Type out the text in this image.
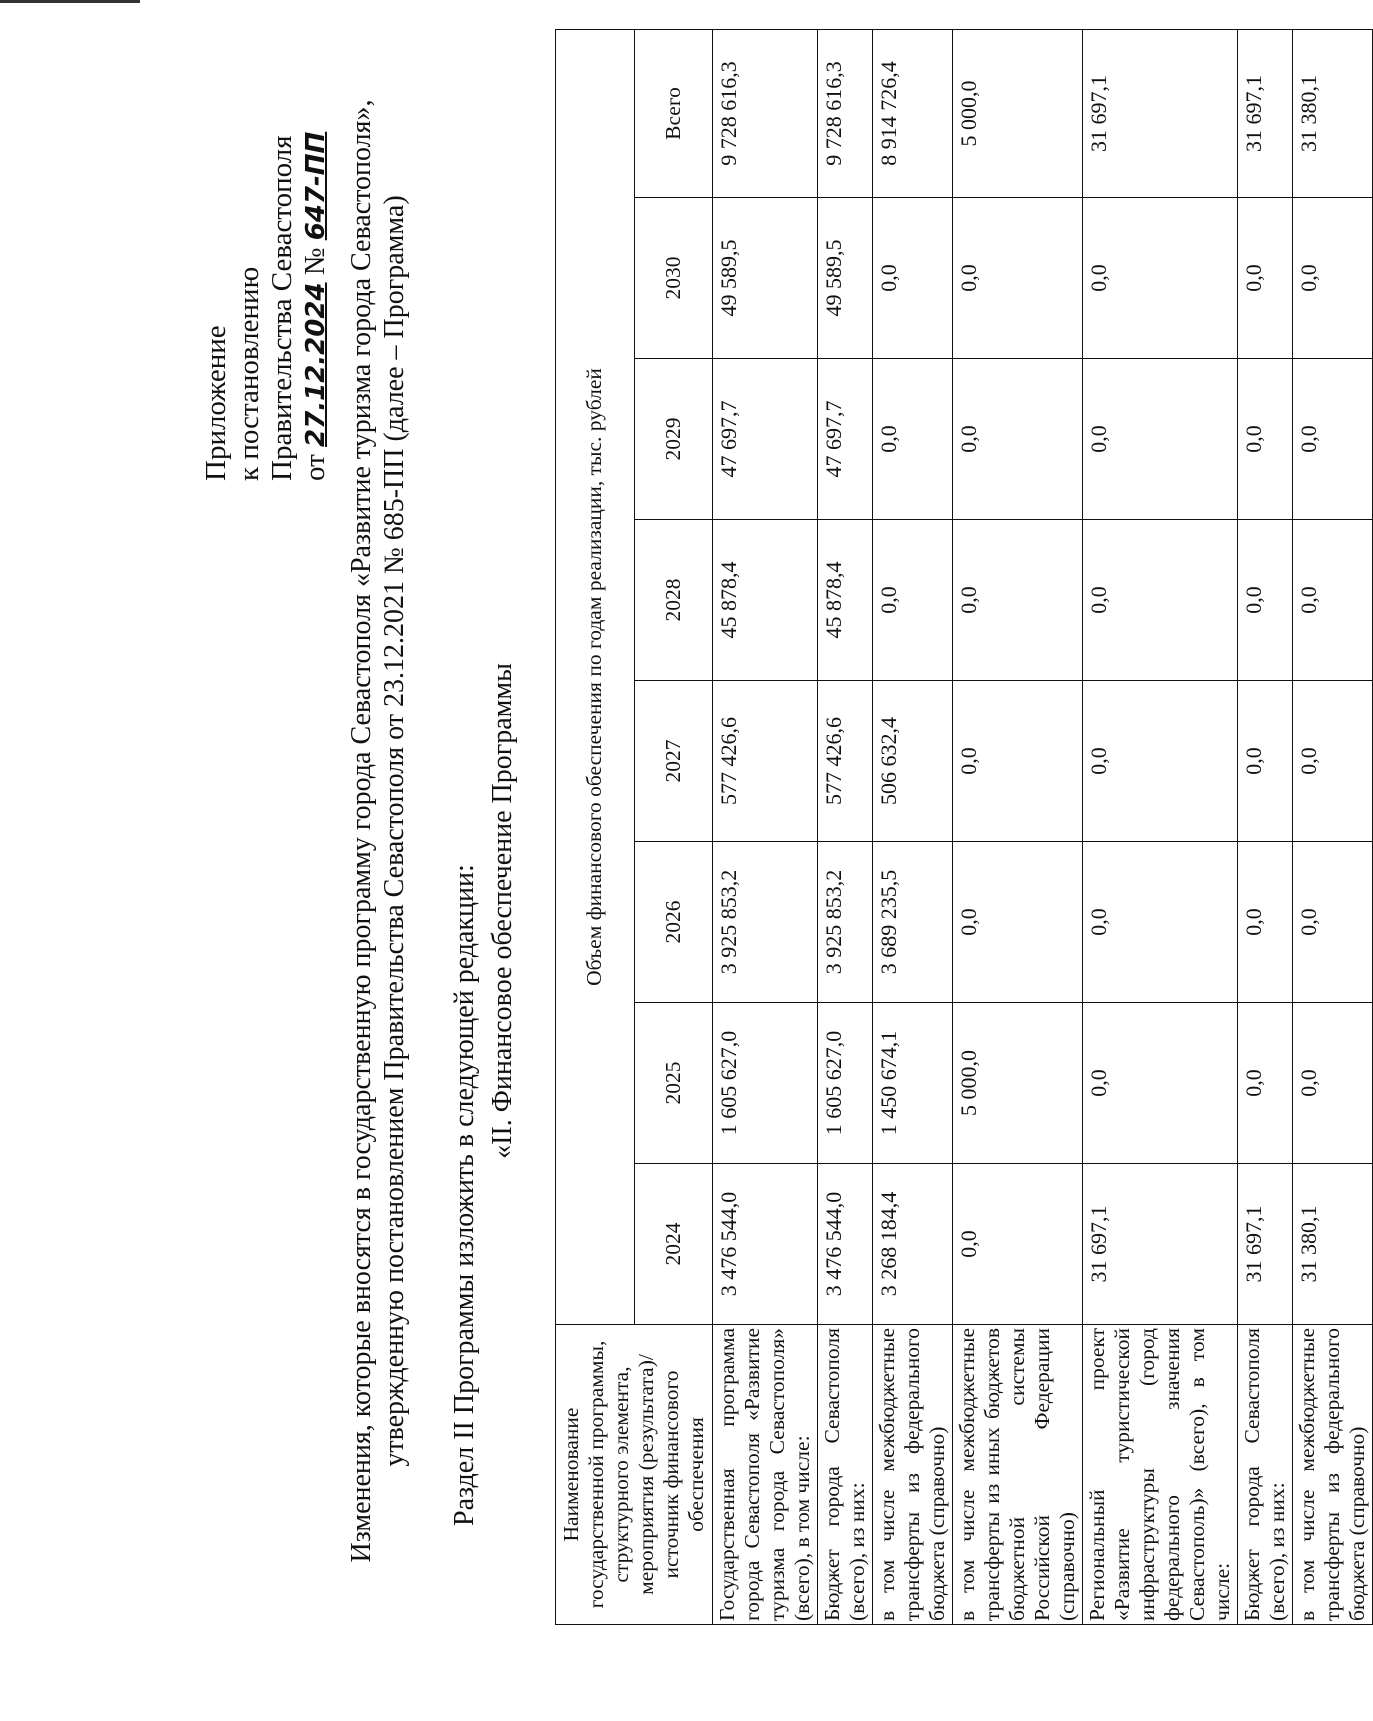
Приложение к постановлению Правительства Севастополя от 27.12.2024 № 647-ПП Изменения, которые вносятся в государственную программу города Севастополя «Развитие туризма города Севастополя», утвержденную постановлением Правительства Севастополя от 23.12.2021 № 685-ПП (далее – Программа) Раздел II Программы изложить в следующей редакции: «II. Финансовое обеспечение Программы
Наименование государственной программы, структурного элемента, мероприятия (результата)/источник финансового обеспечения	Объем финансового обеспечения по годам реализации, тыс. рублей							
	2024	2025	2026	2027	2028	2029	2030	Всего
Государственная программа города Севастополя «Развитие туризма города Севастополя» (всего), в том числе:	3 476 544,0	1 605 627,0	3 925 853,2	577 426,6	45 878,4	47 697,7	49 589,5	9 728 616,3
Бюджет города Севастополя (всего), из них:	3 476 544,0	1 605 627,0	3 925 853,2	577 426,6	45 878,4	47 697,7	49 589,5	9 728 616,3
в том числе межбюджетные трансферты из федерального бюджета (справочно)	3 268 184,4	1 450 674,1	3 689 235,5	506 632,4	0,0	0,0	0,0	8 914 726,4
в том числе межбюджетные трансферты из иных бюджетов бюджетной системы Российской Федерации (справочно)	0,0	5 000,0	0,0	0,0	0,0	0,0	0,0	5 000,0
Региональный проект «Развитие туристической инфраструктуры (город федерального значения Севастополь)» (всего), в том числе:	31 697,1	0,0	0,0	0,0	0,0	0,0	0,0	31 697,1
Бюджет города Севастополя (всего), из них:	31 697,1	0,0	0,0	0,0	0,0	0,0	0,0	31 697,1
в том числе межбюджетные трансферты из федерального бюджета (справочно)	31 380,1	0,0	0,0	0,0	0,0	0,0	0,0	31 380,1
